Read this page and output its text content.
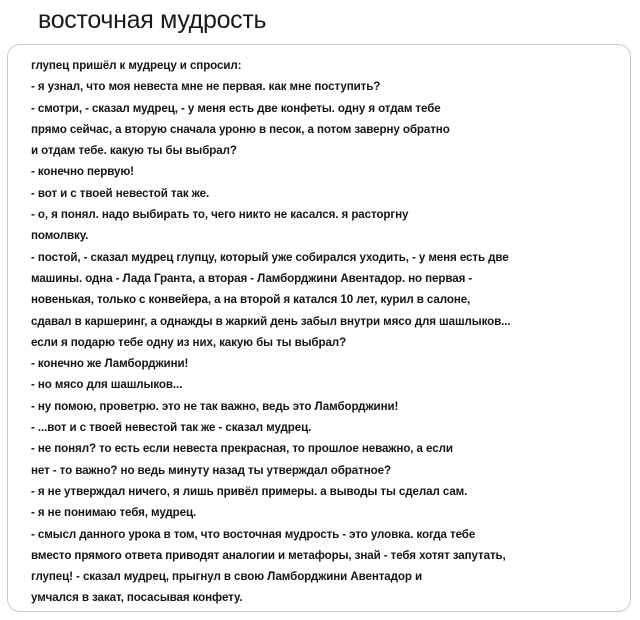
восточная мудрость
глупец пришёл к мудрецу и спросил:
- я узнал, что моя невеста мне не первая. как мне поступить?
- смотри, - сказал мудрец, - у меня есть две конфеты. одну я отдам тебе
прямо сейчас, а вторую сначала уроню в песок, а потом заверну обратно
и отдам тебе. какую ты бы выбрал?
- конечно первую!
- вот и с твоей невестой так же.
- о, я понял. надо выбирать то, чего никто не касался. я расторгну
помолвку.
- постой, - сказал мудрец глупцу, который уже собирался уходить, - у меня есть две
машины. одна - Лада Гранта, а вторая - Ламборджини Авентадор. но первая -
новенькая, только с конвейера, а на второй я катался 10 лет, курил в салоне,
сдавал в каршеринг, а однажды в жаркий день забыл внутри мясо для шашлыков...
если я подарю тебе одну из них, какую бы ты выбрал?
- конечно же Ламборджини!
- но мясо для шашлыков...
- ну помою, проветрю. это не так важно, ведь это Ламборджини!
- ...вот и с твоей невестой так же - сказал мудрец.
- не понял? то есть если невеста прекрасная, то прошлое неважно, а если
нет - то важно? но ведь минуту назад ты утверждал обратное?
- я не утверждал ничего, я лишь привёл примеры. а выводы ты сделал сам.
- я не понимаю тебя, мудрец.
- смысл данного урока в том, что восточная мудрость - это уловка. когда тебе
вместо прямого ответа приводят аналогии и метафоры, знай - тебя хотят запутать,
глупец! - сказал мудрец, прыгнул в свою Ламборджини Авентадор и
умчался в закат, посасывая конфету.
